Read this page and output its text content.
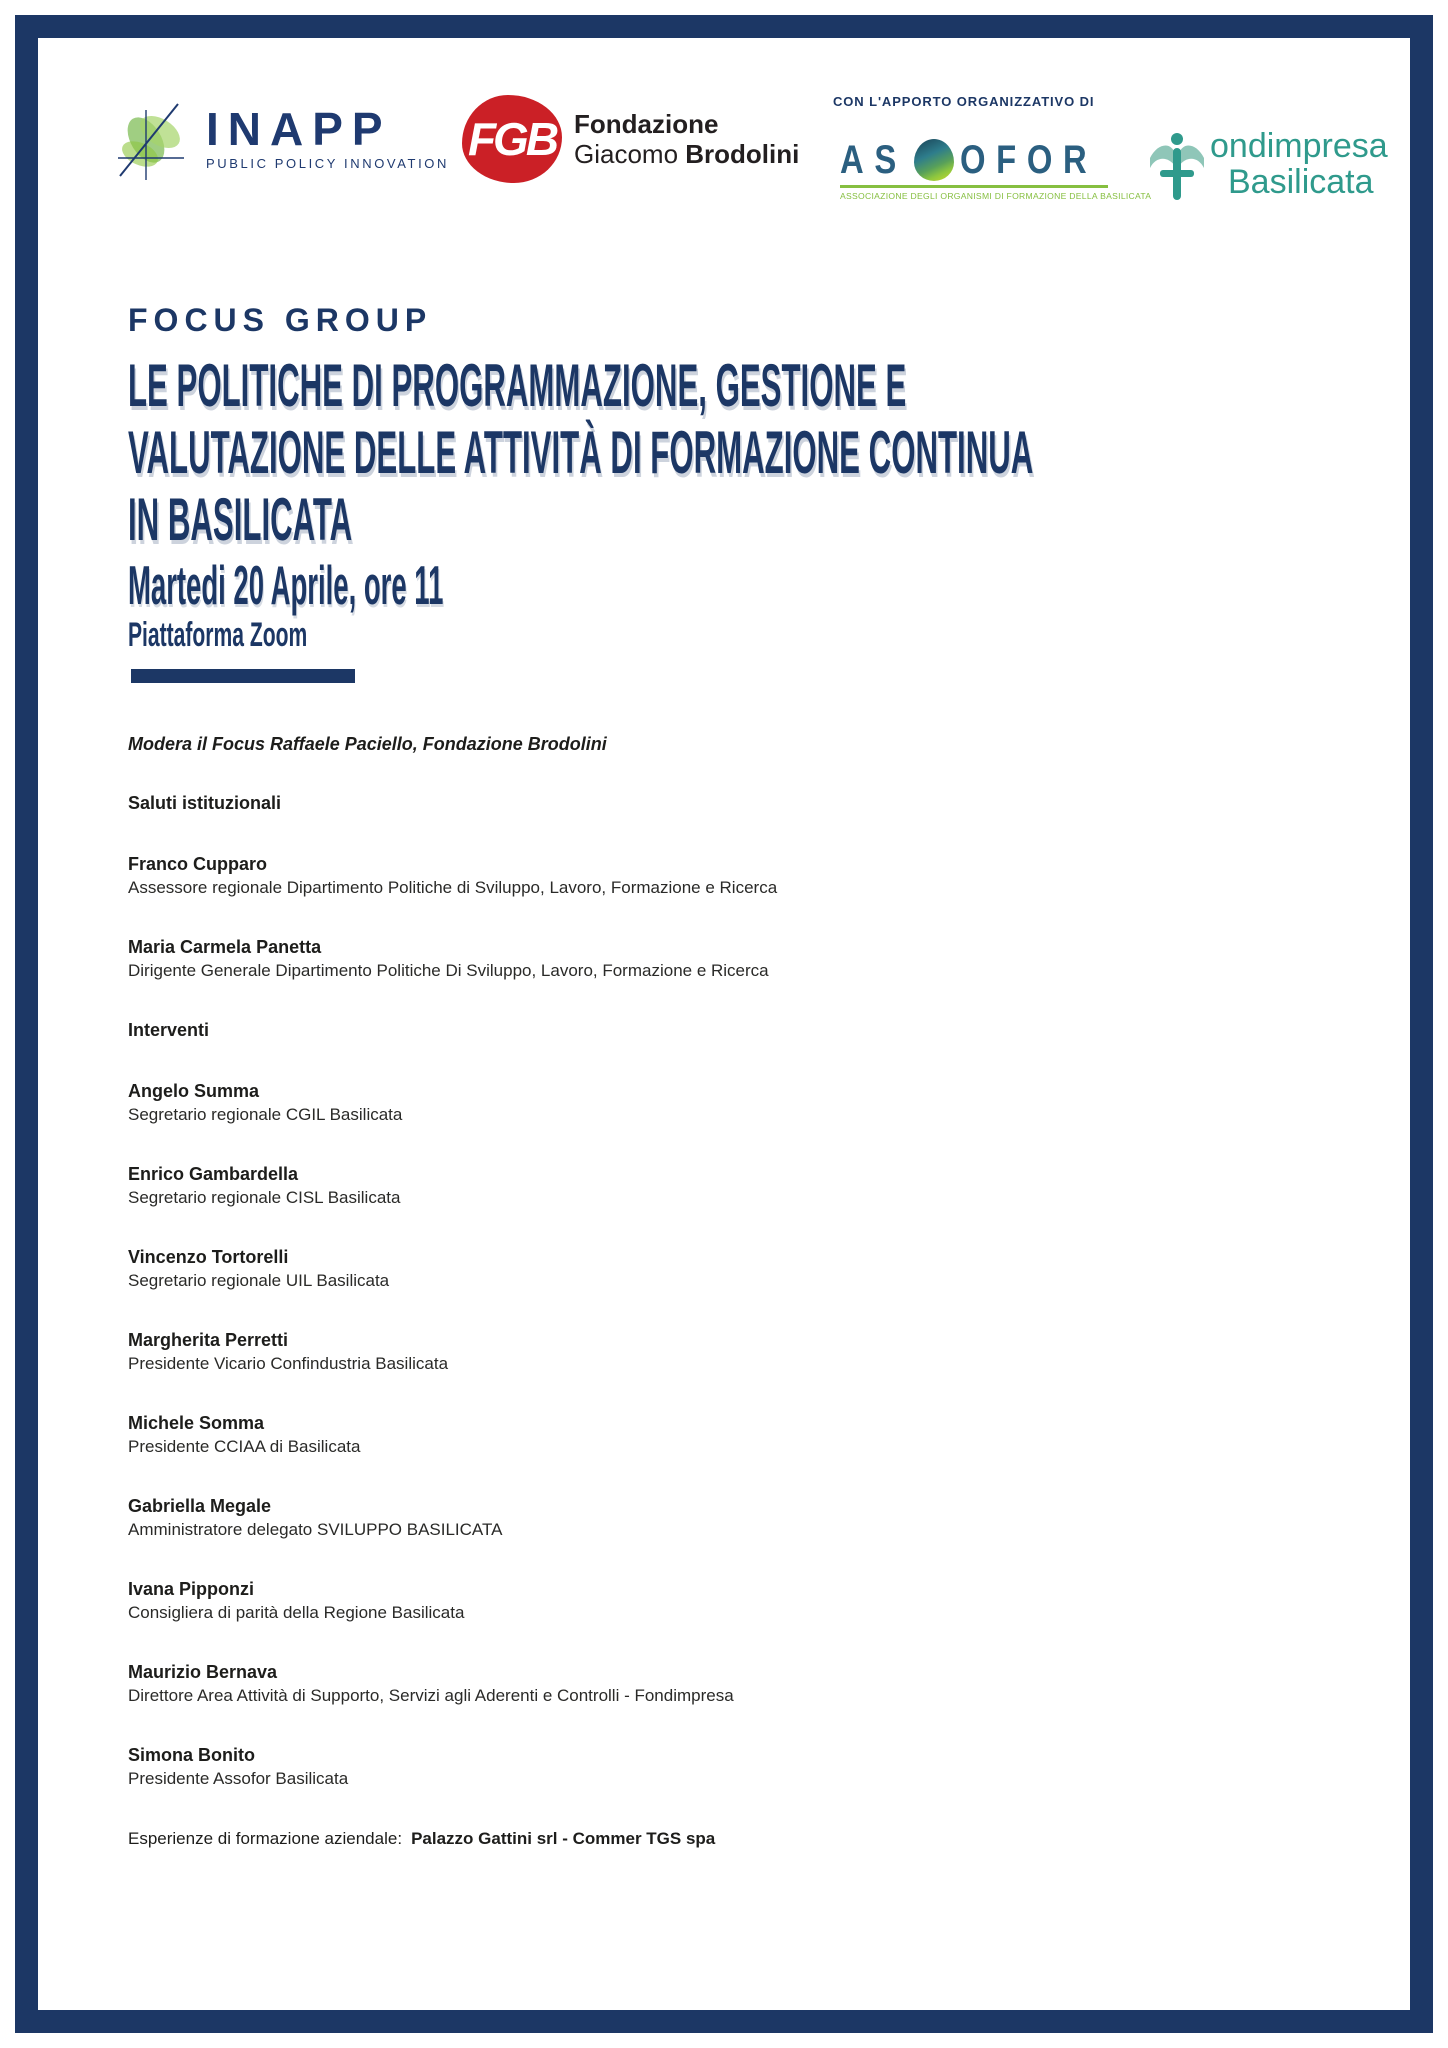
INAPP
PUBLIC POLICY INNOVATION FGB Fondazione
Giacomo Brodolini
CON L'APPORTO ORGANIZZATIVO DI
AS OFOR
ASSOCIAZIONE DEGLI ORGANISMI DI FORMAZIONE DELLA BASILICATA
ondimpresa
Basilicata
FOCUS GROUP
LE POLITICHE DI PROGRAMMAZIONE, GESTIONE E
VALUTAZIONE DELLE ATTIVITÀ DI FORMAZIONE CONTINUA
IN BASILICATA
Martedi 20 Aprile, ore 11
Piattaforma Zoom

Modera il Focus Raffaele Paciello, Fondazione Brodolini

Saluti istituzionali

Franco Cupparo
Assessore regionale Dipartimento Politiche di Sviluppo, Lavoro, Formazione e Ricerca
Maria Carmela Panetta
Dirigente Generale Dipartimento Politiche Di Sviluppo, Lavoro, Formazione e Ricerca

Interventi

Angelo Summa
Segretario regionale CGIL Basilicata
Enrico Gambardella
Segretario regionale CISL Basilicata
Vincenzo Tortorelli
Segretario regionale UIL Basilicata
Margherita Perretti
Presidente Vicario Confindustria Basilicata
Michele Somma
Presidente CCIAA di Basilicata
Gabriella Megale
Amministratore delegato SVILUPPO BASILICATA
Ivana Pipponzi
Consigliera di parità della Regione Basilicata
Maurizio Bernava
Direttore Area Attività di Supporto, Servizi agli Aderenti e Controlli - Fondimpresa
Simona Bonito
Presidente Assofor Basilicata

Esperienze di formazione aziendale: Palazzo Gattini srl - Commer TGS spa
